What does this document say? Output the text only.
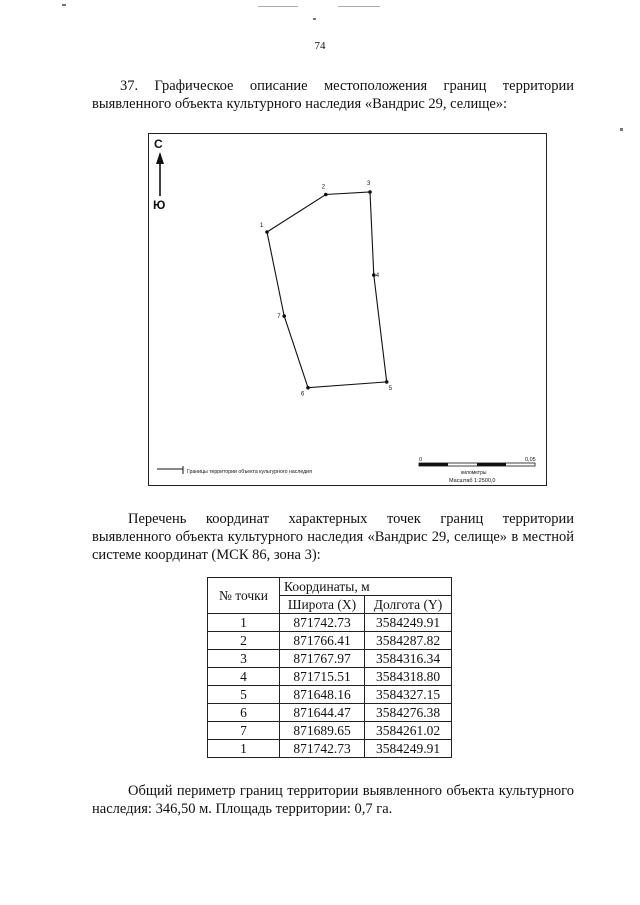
74
37. Графическое описание местоположения границ территории выявленного объекта культурного наследия «Вандрис 29, селище»:
С
Ю
1
2
3
4
5
6
7
Границы территории объекта культурного наследия
0	0,05
километры
Масштаб 1:2500,0
Перечень координат характерных точек границ территории выявленного объекта культурного наследия «Вандрис 29, селище» в местной системе координат (МСК 86, зона 3):
№ точки	Координаты, м	
	Широта (X)	Долгота (Y)
1	871742.73	3584249.91
2	871766.41	3584287.82
3	871767.97	3584316.34
4	871715.51	3584318.80
5	871648.16	3584327.15
6	871644.47	3584276.38
7	871689.65	3584261.02
1	871742.73	3584249.91
Общий периметр границ территории выявленного объекта культурного наследия: 346,50 м. Площадь территории: 0,7 га.
